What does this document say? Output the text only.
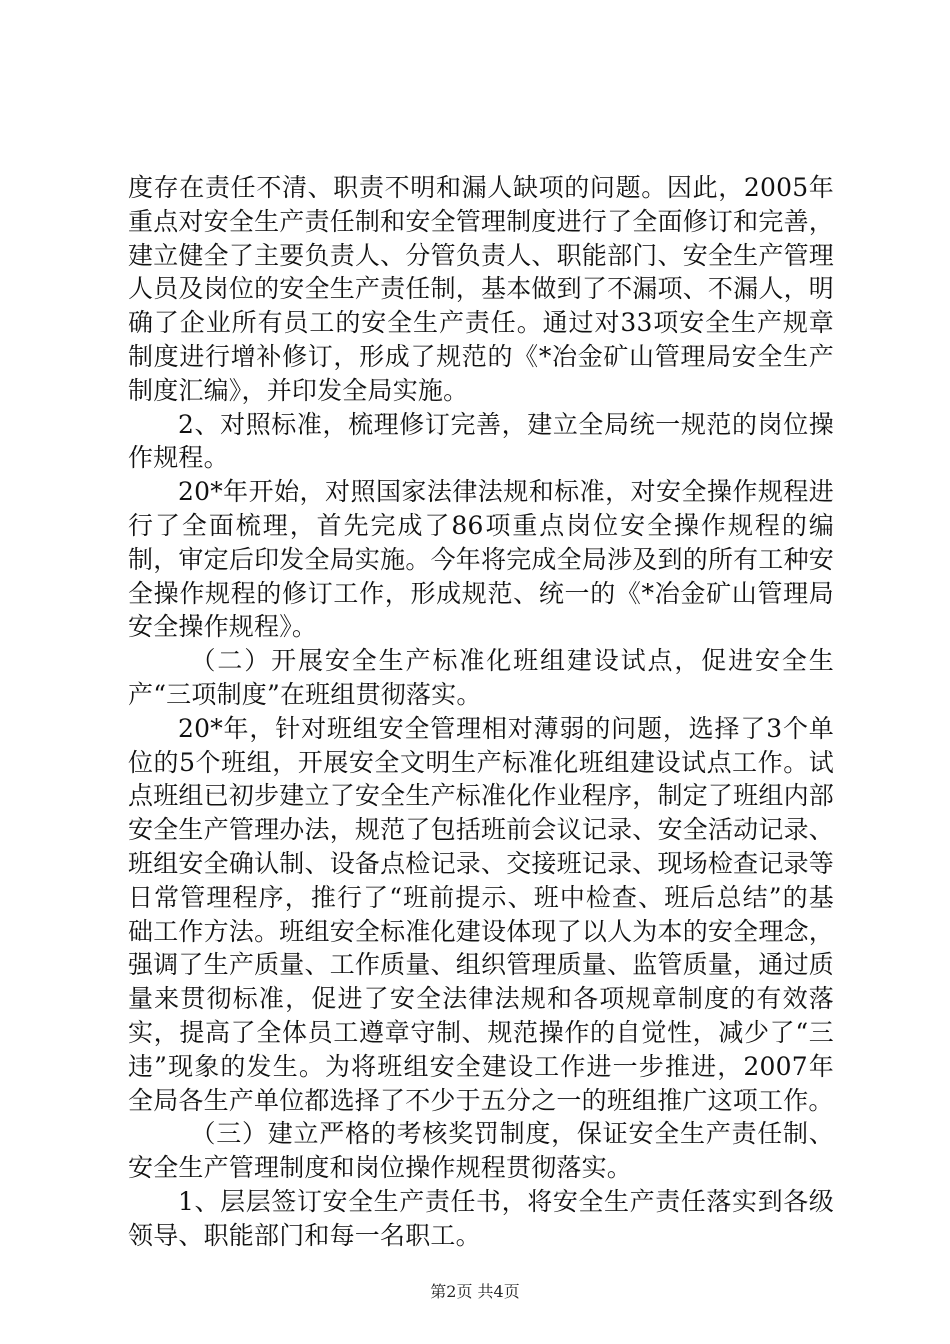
度存在责任不清、职责不明和漏人缺项的问题。因此，2005年重点对安全生产责任制和安全管理制度进行了全面修订和完善，建立健全了主要负责人、分管负责人、职能部门、安全生产管理人员及岗位的安全生产责任制，基本做到了不漏项、不漏人，明确了企业所有员工的安全生产责任。通过对33项安全生产规章制度进行增补修订，形成了规范的《*冶金矿山管理局安全生产制度汇编》，并印发全局实施。

2、对照标准，梳理修订完善，建立全局统一规范的岗位操作规程。

20*年开始，对照国家法律法规和标准，对安全操作规程进行了全面梳理，首先完成了86项重点岗位安全操作规程的编制，审定后印发全局实施。今年将完成全局涉及到的所有工种安全操作规程的修订工作，形成规范、统一的《*冶金矿山管理局安全操作规程》。

（二）开展安全生产标准化班组建设试点，促进安全生产“三项制度”在班组贯彻落实。

20*年，针对班组安全管理相对薄弱的问题，选择了3个单位的5个班组，开展安全文明生产标准化班组建设试点工作。试点班组已初步建立了安全生产标准化作业程序，制定了班组内部安全生产管理办法，规范了包括班前会议记录、安全活动记录、班组安全确认制、设备点检记录、交接班记录、现场检查记录等日常管理程序，推行了“班前提示、班中检查、班后总结”的基础工作方法。班组安全标准化建设体现了以人为本的安全理念，强调了生产质量、工作质量、组织管理质量、监管质量，通过质量来贯彻标准，促进了安全法律法规和各项规章制度的有效落实，提高了全体员工遵章守制、规范操作的自觉性，减少了“三违”现象的发生。为将班组安全建设工作进一步推进，2007年全局各生产单位都选择了不少于五分之一的班组推广这项工作。

（三）建立严格的考核奖罚制度，保证安全生产责任制、安全生产管理制度和岗位操作规程贯彻落实。

1、层层签订安全生产责任书，将安全生产责任落实到各级领导、职能部门和每一名职工。

第2页 共4页
